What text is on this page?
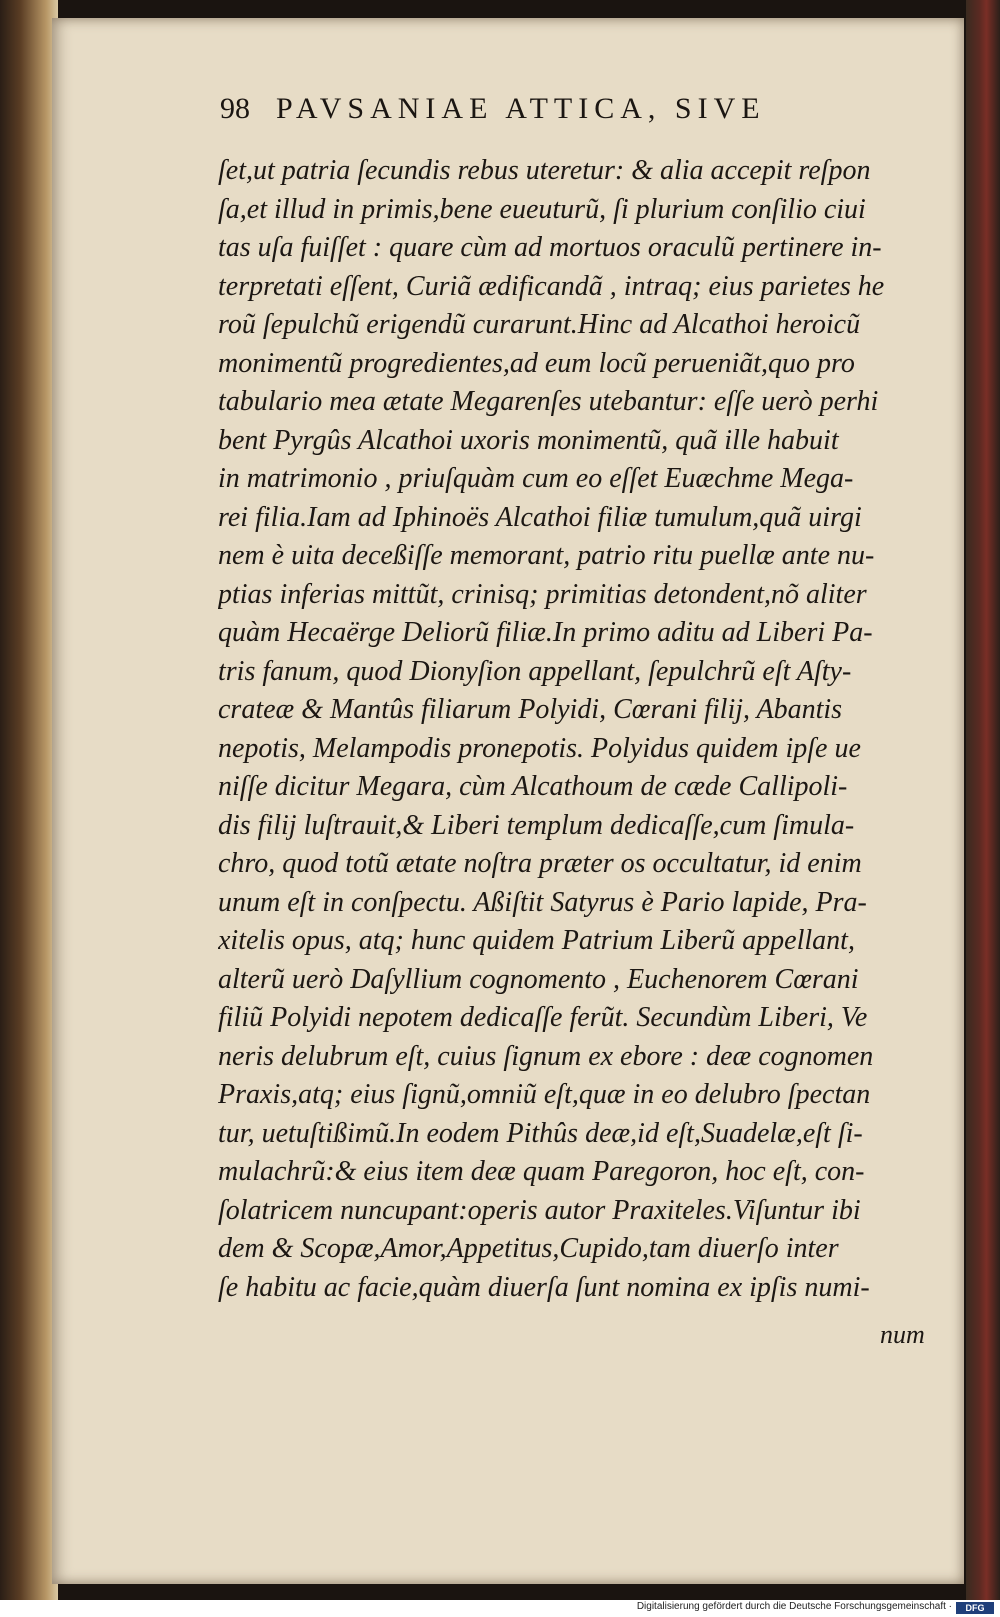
98 PAVSANIAE ATTICA, SIVE
ſet,ut patria ſecundis rebus uteretur: & alia accepit reſpon
ſa,et illud in primis,bene eueuturũ, ſi plurium conſilio ciui
tas uſa fuiſſet : quare cùm ad mortuos oraculũ pertinere in-
terpretati eſſent, Curiã ædificandã , intraq; eius parietes he
roũ ſepulchũ erigendũ curarunt.Hinc ad Alcathoi heroicũ
monimentũ progredientes,ad eum locũ perueniãt,quo pro
tabulario mea ætate Megarenſes utebantur: eſſe uerò perhi
bent Pyrgûs Alcathoi uxoris monimentũ, quã ille habuit
in matrimonio , priuſquàm cum eo eſſet Euæchme Mega-
rei filia.Iam ad Iphinoës Alcathoi filiæ tumulum,quã uirgi
nem è uita deceßiſſe memorant, patrio ritu puellæ ante nu-
ptias inferias mittũt, crinisq; primitias detondent,nõ aliter
quàm Hecaërge Deliorũ filiæ.In primo aditu ad Liberi Pa-
tris fanum, quod Dionyſion appellant, ſepulchrũ eſt Aſty-
crateæ & Mantûs filiarum Polyidi, Cœrani filij, Abantis
nepotis, Melampodis pronepotis. Polyidus quidem ipſe ue
niſſe dicitur Megara, cùm Alcathoum de cæde Callipoli-
dis filij luſtrauit,& Liberi templum dedicaſſe,cum ſimula-
chro, quod totũ ætate noſtra præter os occultatur, id enim
unum eſt in conſpectu. Aßiſtit Satyrus è Pario lapide, Pra-
xitelis opus, atq; hunc quidem Patrium Liberũ appellant,
alterũ uerò Daſyllium cognomento , Euchenorem Cœrani
filiũ Polyidi nepotem dedicaſſe ferũt. Secundùm Liberi, Ve
neris delubrum eſt, cuius ſignum ex ebore : deæ cognomen
Praxis,atq; eius ſignũ,omniũ eſt,quæ in eo delubro ſpectan
tur, uetuſtißimũ.In eodem Pithûs deæ,id eſt,Suadelæ,eſt ſi-
mulachrũ:& eius item deæ quam Paregoron, hoc eſt, con-
ſolatricem nuncupant:operis autor Praxiteles.Viſuntur ibi
dem & Scopæ,Amor,Appetitus,Cupido,tam diuerſo inter
ſe habitu ac facie,quàm diuerſa ſunt nomina ex ipſis numi-
num
Digitalisierung gefördert durch die Deutsche Forschungsgemeinschaft ·	DFG
